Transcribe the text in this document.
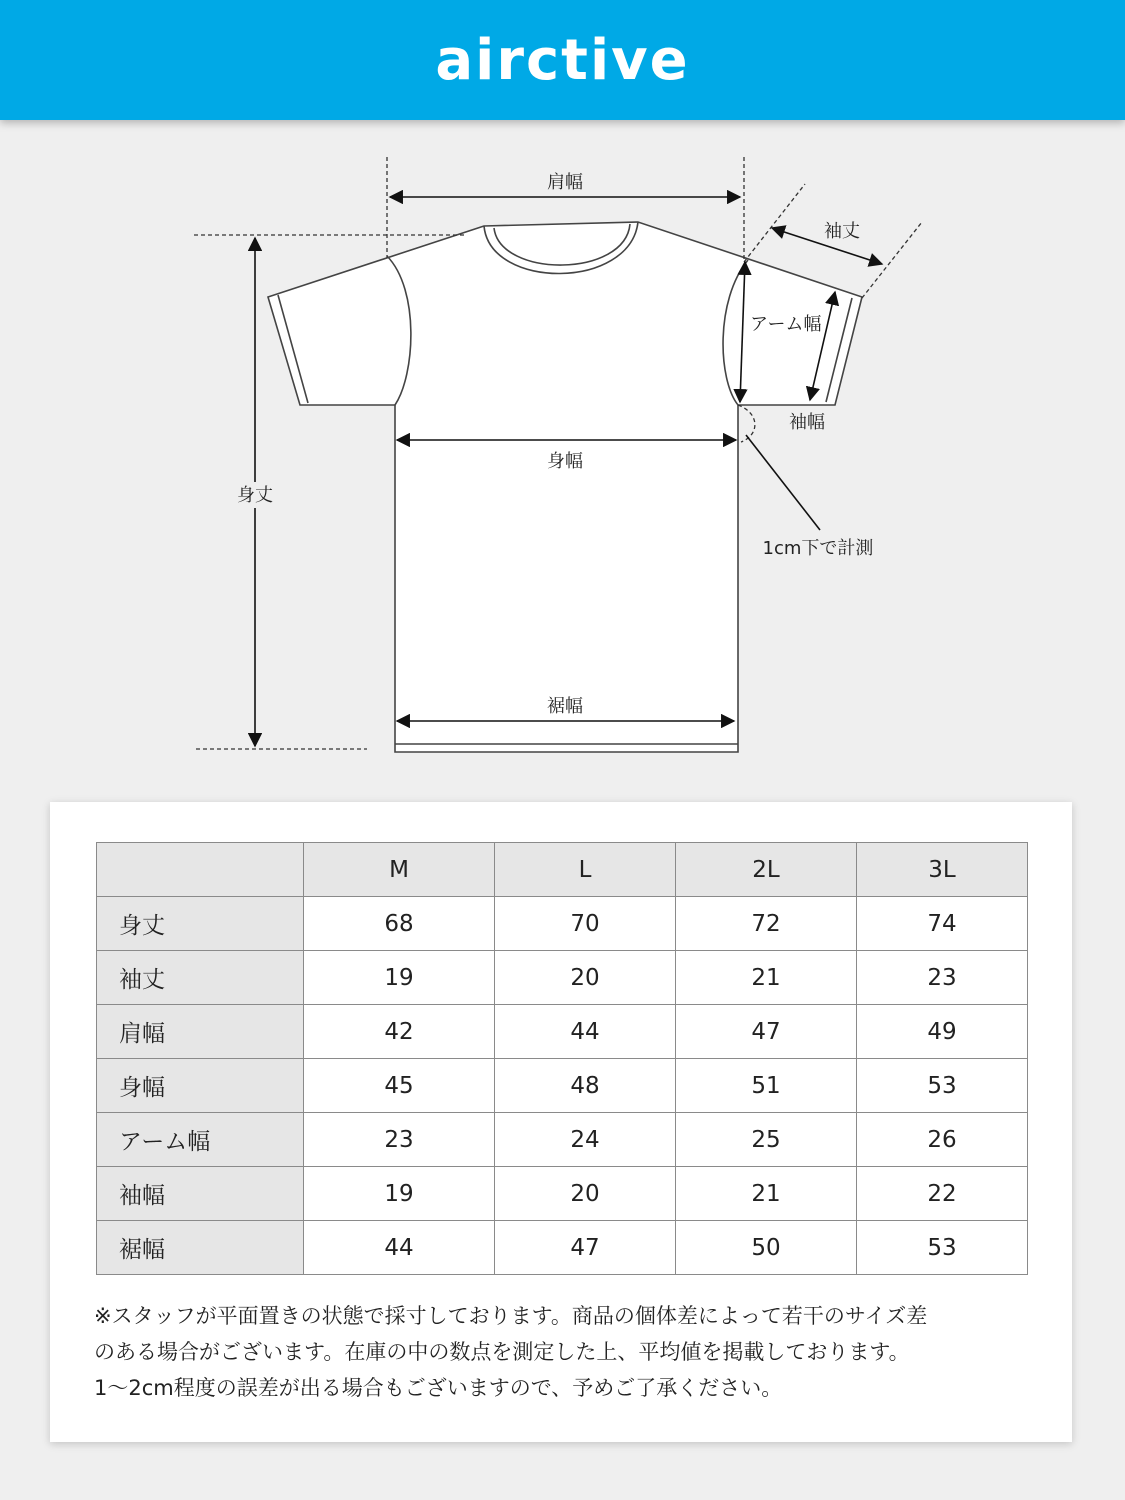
airctive
肩幅
袖丈
アーム幅
袖幅
身幅
身丈
裾幅
1cm下で計測
	M	L	2L	3L
身丈	68	70	72	74
袖丈	19	20	21	23
肩幅	42	44	47	49
身幅	45	48	51	53
アーム幅	23	24	25	26
袖幅	19	20	21	22
裾幅	44	47	50	53

※スタッフが平面置きの状態で採寸しております。商品の個体差によって若干のサイズ差

のある場合がございます。在庫の中の数点を測定した上、平均値を掲載しております。

1〜2cm程度の誤差が出る場合もございますので、予めご了承ください。
